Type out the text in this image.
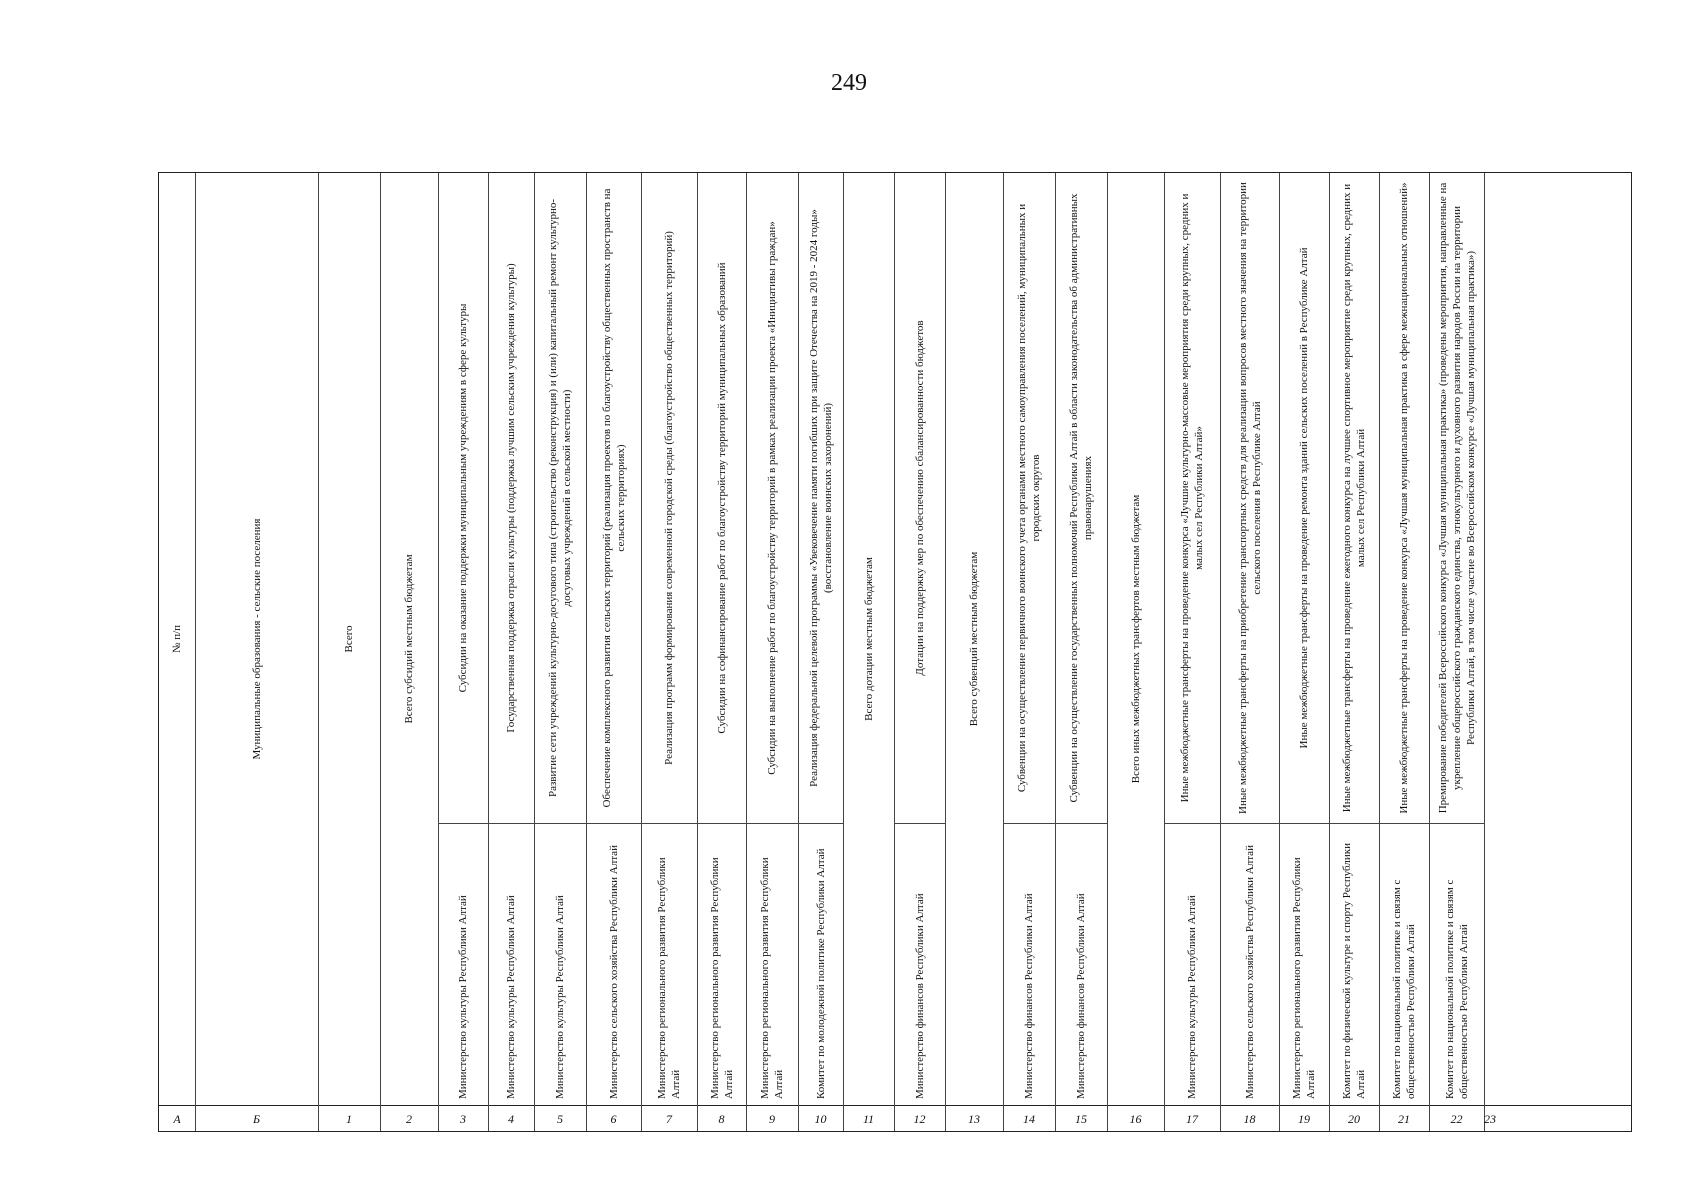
249
№ п/п
А
Муниципальные образования - сельские поселения
Б
Всего
1
Всего субсидий местным бюджетам
2
Субсидии на оказание поддержки муниципальным учреждениям в сфере культуры
Министерство культуры Республики Алтай
3
Государственная поддержка отрасли культуры (поддержка лучшим сельским учреждения культуры)
Министерство культуры Республики Алтай
4
Развитие сети учреждений культурно-досугового типа (строительство (реконструкция) и (или) капитальный ремонт культурно-досуговых учреждений в сельской местности)
Министерство культуры Республики Алтай
5
Обеспечение комплексного развития сельских территорий (реализация проектов по благоустройству общественных пространств на сельских территориях)
Министерство сельского хозяйства Республики Алтай
6
Реализация программ формирования современной городской среды (благоустройство общественных территорий)
Министерство регионального развития Республики Алтай
7
Субсидии на софинансирование работ по благоустройству территорий муниципальных образований
Министерство регионального развития Республики Алтай
8
Субсидии на выполнение работ по благоустройству территорий в рамках реализации проекта «Инициативы граждан»
Министерство регионального развития Республики Алтай
9
Реализация федеральной целевой программы «Увековечение памяти погибших при защите Отечества на 2019 - 2024 годы» (восстановление воинских захоронений)
Комитет по молодежной политике Республики Алтай
10
Всего дотации местным бюджетам
11
Дотации на поддержку мер по обеспечению сбалансированности бюджетов
Министерство финансов Республики Алтай
12
Всего субвенций местным бюджетам
13
Субвенции на осуществление первичного воинского учета органами местного самоуправления поселений, муниципальных и городских округов
Министерство финансов Республики Алтай
14
Субвенции на осуществление государственных полномочий Республики Алтай в области законодательства об административных правонарушениях
Министерство финансов Республики Алтай
15
Всего иных межбюджетных трансфертов местным бюджетам
16
Иные межбюджетные трансферты на проведение конкурса «Лучшие культурно-массовые мероприятия среди крупных, средних и малых сел Республики Алтай»
Министерство культуры Республики Алтай
17
Иные межбюджетные трансферты на приобретение транспортных средств для реализации вопросов местного значения на территории сельского поселения в Республике Алтай
Министерство сельского хозяйства Республики Алтай
18
Иные межбюджетные трансферты на проведение ремонта зданий сельских поселений в Республике Алтай
Министерство регионального развития Республики Алтай
19
Иные межбюджетные трансферты на проведение ежегодного конкурса на лучшее спортивное мероприятие среди крупных, средних и малых сел Республики Алтай
Комитет по физической культуре и спорту Республики Алтай
20
Иные межбюджетные трансферты на проведение конкурса «Лучшая муниципальная практика в сфере межнациональных отношений»
Комитет по национальной политике и связям с общественностью Республики Алтай
21
Премирование победителей Всероссийского конкурса «Лучшая муниципальная практика» (проведены мероприятия, направленные на укрепление общероссийского гражданского единства, этнокультурного и духовного развития народов России на территории Республики Алтай, в том числе участие во Всероссийском конкурсе «Лучшая муниципальная практика»)
Комитет по национальной политике и связям с общественностью Республики Алтай
22	23
